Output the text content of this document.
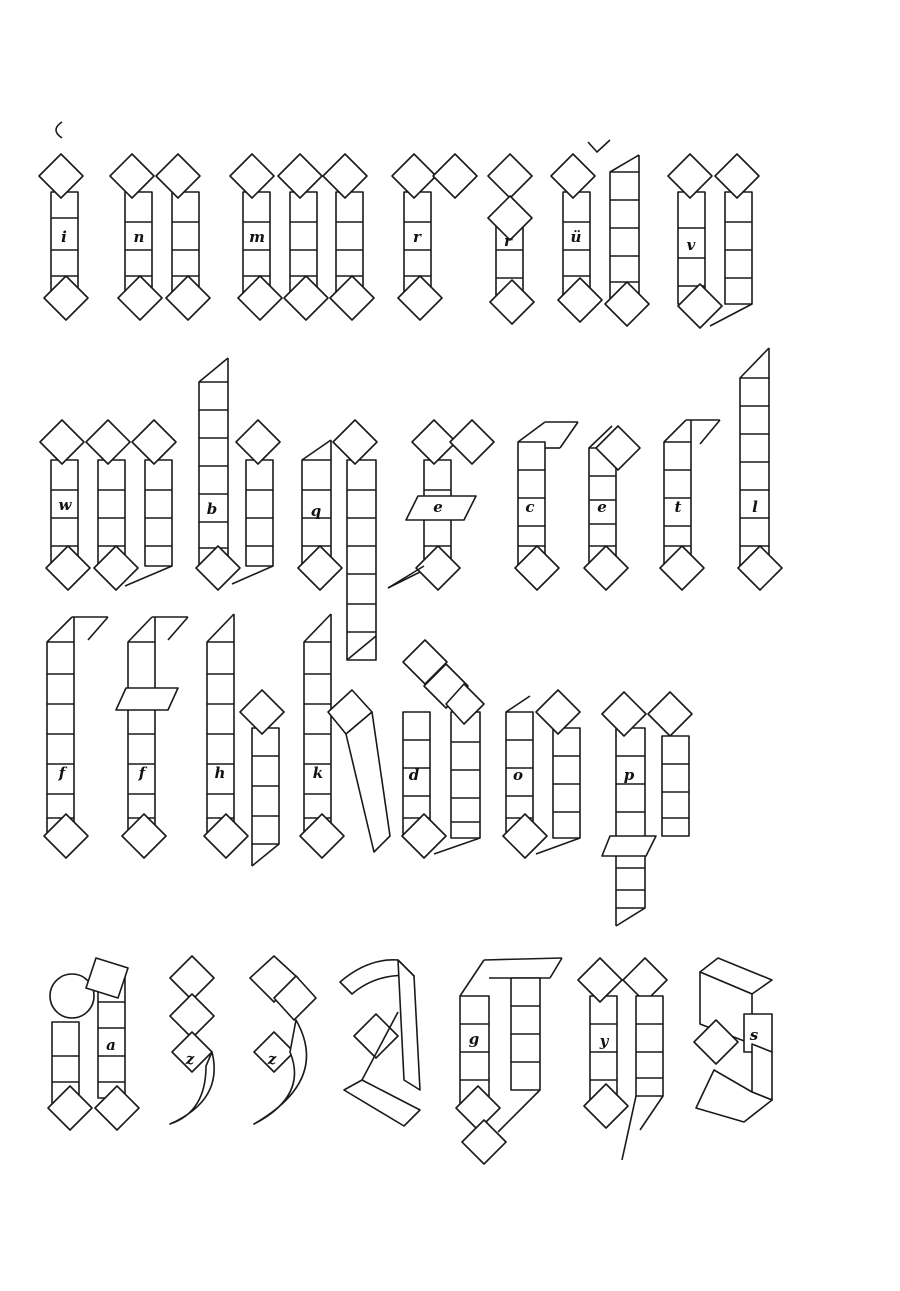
i	n	m	r	r	ü	v
w	b	q	e	c	e	t	l
f	f	h	k	d	o	p
a
z	z
g	y	s
